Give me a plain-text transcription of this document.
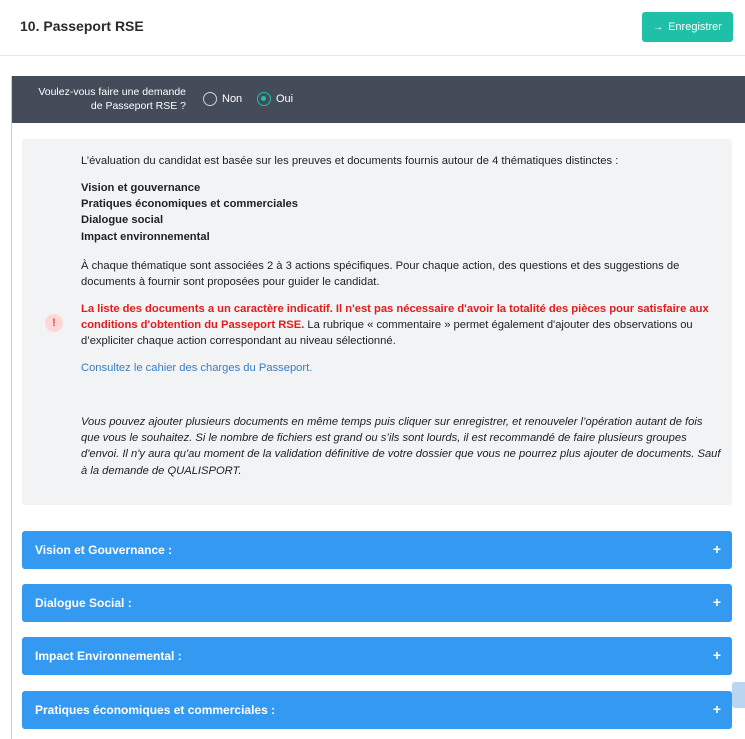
10. Passeport RSE	→ Enregistrer
Voulez-vous faire une demande de Passeport RSE ?
Non	Oui
!
L’évaluation du candidat est basée sur les preuves et documents fournis autour de 4 thématiques distinctes :
Vision et gouvernance
Pratiques économiques et commerciales
Dialogue social
Impact environnemental
À chaque thématique sont associées 2 à 3 actions spécifiques. Pour chaque action, des questions et des suggestions de documents à fournir sont proposées pour guider le candidat.
La liste des documents a un caractère indicatif. Il n'est pas nécessaire d'avoir la totalité des pièces pour satisfaire aux conditions d'obtention du Passeport RSE. La rubrique « commentaire » permet également d'ajouter des observations ou d’expliciter chaque action correspondant au niveau sélectionné.
Consultez le cahier des charges du Passeport.
Vous pouvez ajouter plusieurs documents en même temps puis cliquer sur enregistrer, et renouveler l’opération autant de fois que vous le souhaitez. Si le nombre de fichiers est grand ou s’ils sont lourds, il est recommandé de faire plusieurs groupes d'envoi. Il n'y aura qu'au moment de la validation définitive de votre dossier que vous ne pourrez plus ajouter de documents. Sauf à la demande de QUALISPORT.
Vision et Gouvernance :	+
Dialogue Social :	+
Impact Environnemental :	+
Pratiques économiques et commerciales :	+
